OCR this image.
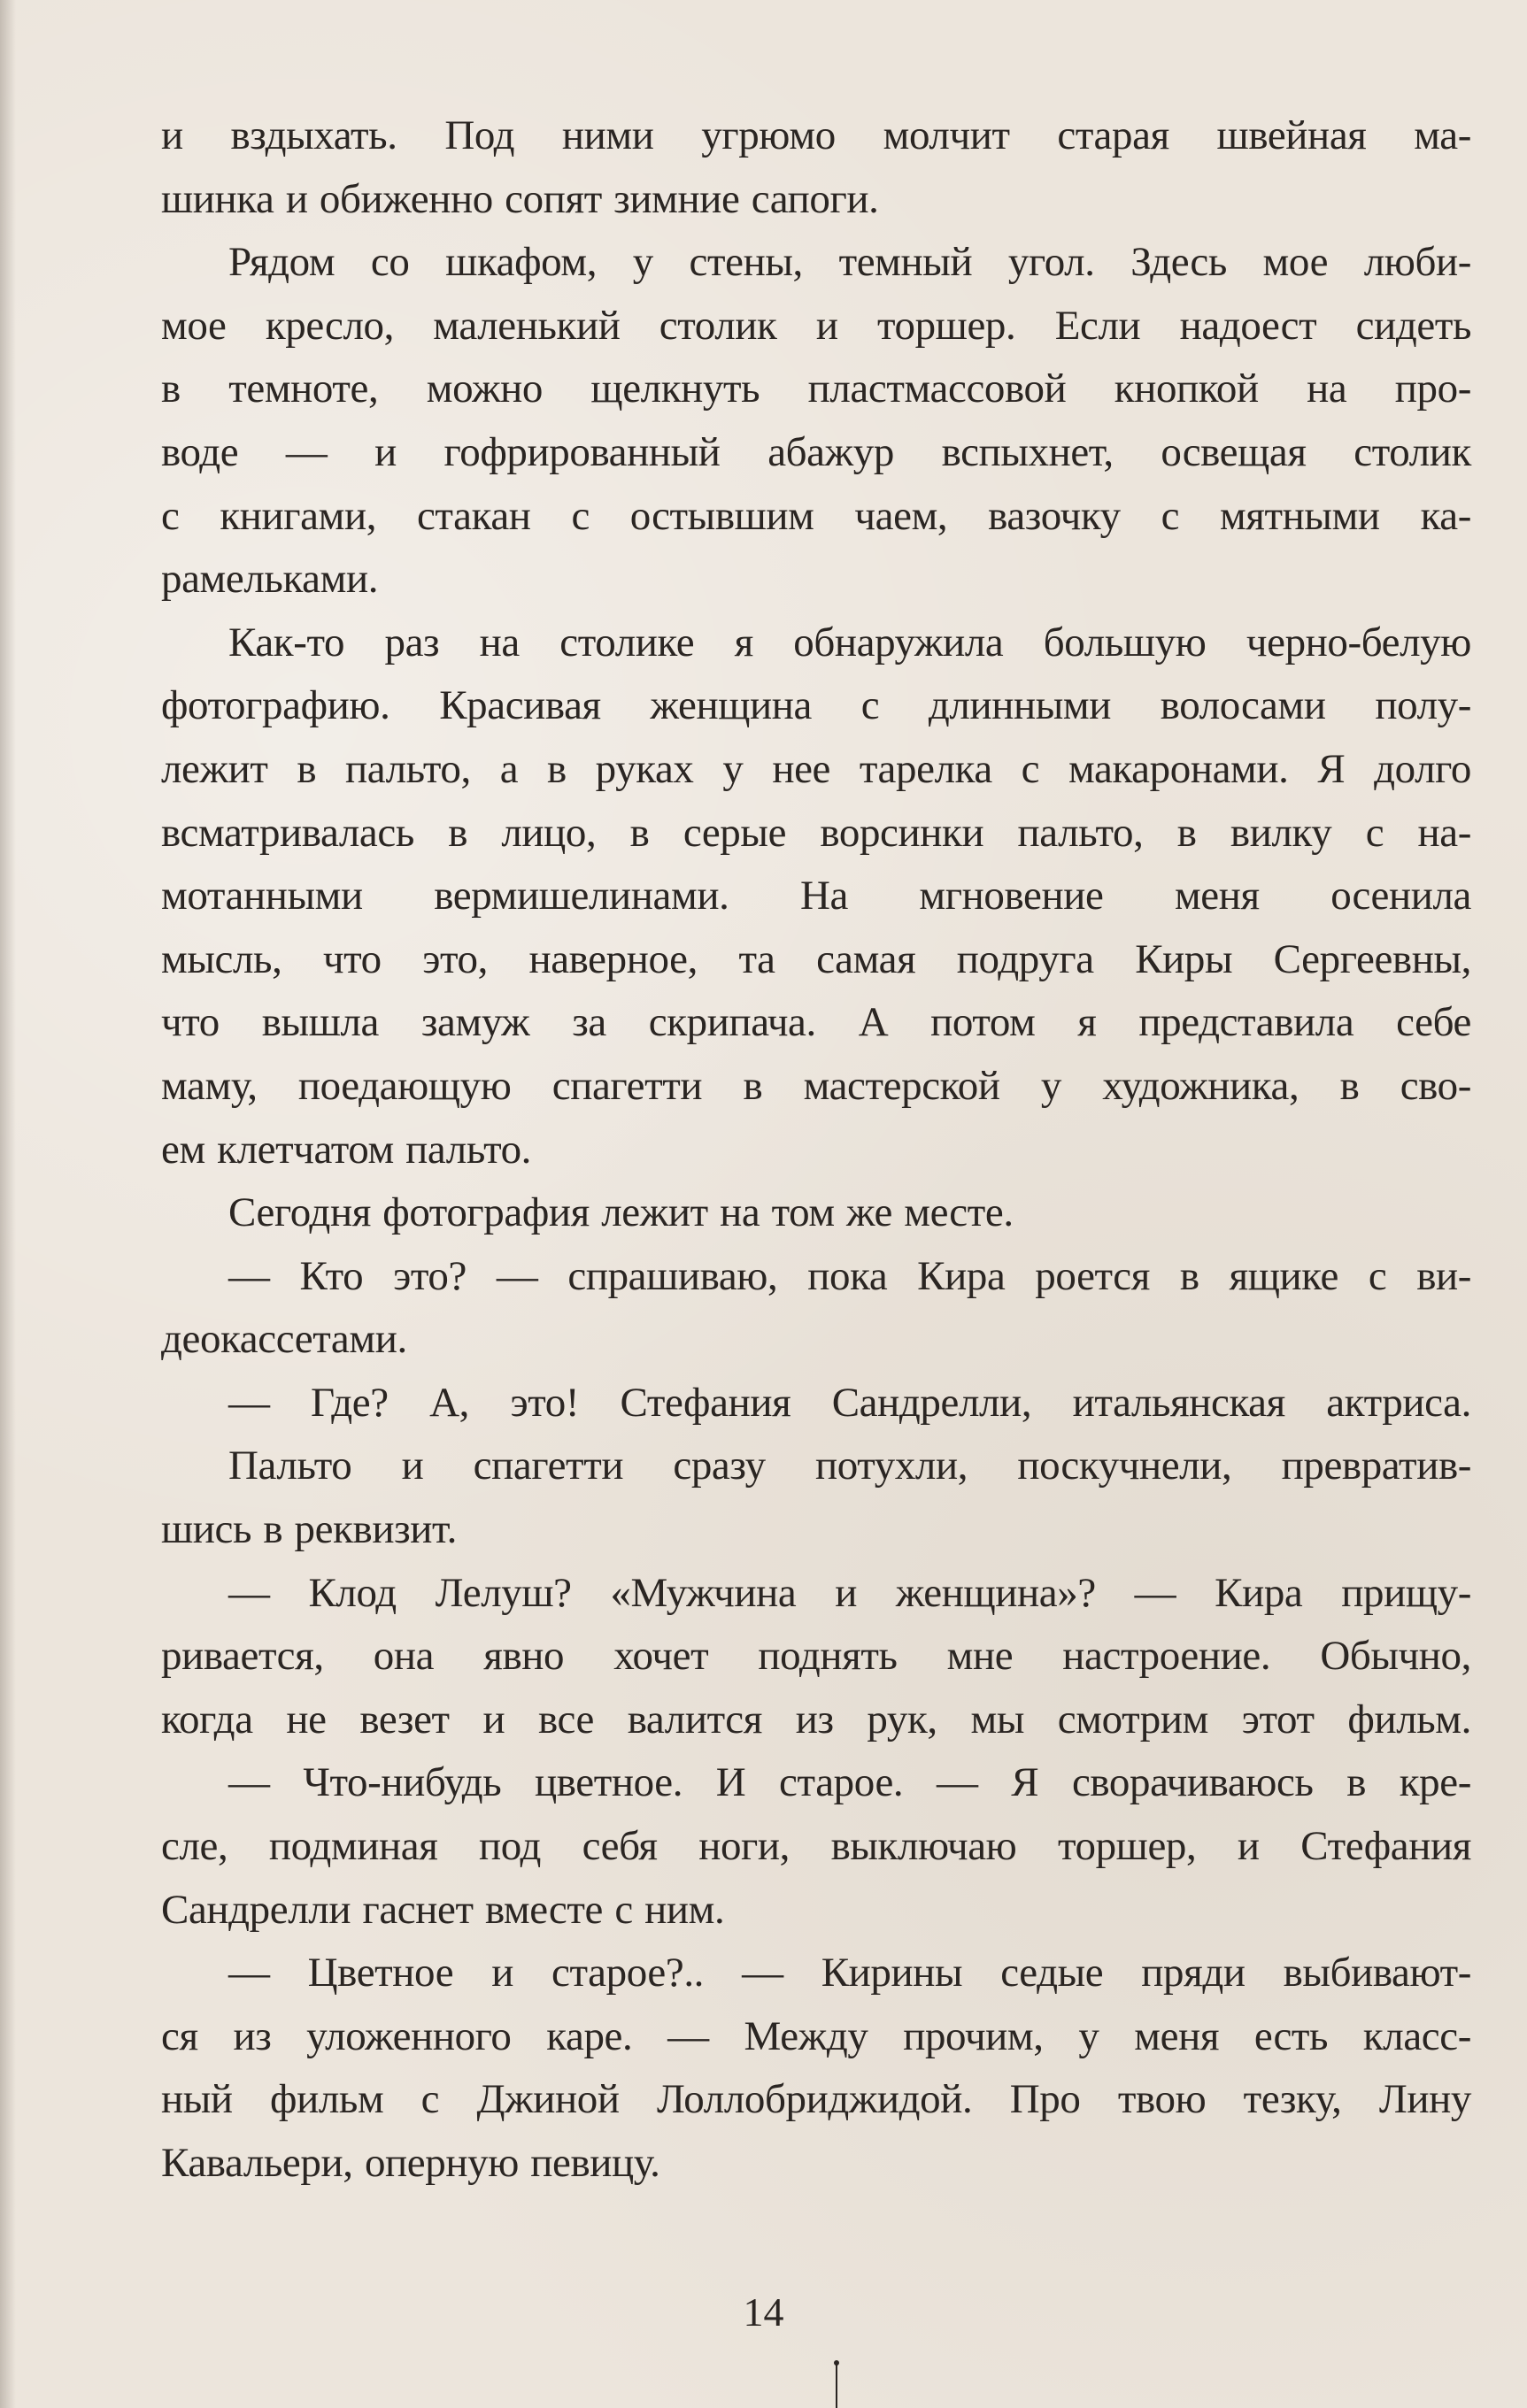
и вздыхать. Под ними угрюмо молчит старая швейная ма-
шинка и обиженно сопят зимние сапоги.
Рядом со шкафом, у стены, темный угол. Здесь мое люби-
мое кресло, маленький столик и торшер. Если надоест сидеть
в темноте, можно щелкнуть пластмассовой кнопкой на про-
воде — и гофрированный абажур вспыхнет, освещая столик
с книгами, стакан с остывшим чаем, вазочку с мятными ка-
рамельками.
Как-то раз на столике я обнаружила большую черно-белую
фотографию. Красивая женщина с длинными волосами полу-
лежит в пальто, а в руках у нее тарелка с макаронами. Я долго
всматривалась в лицо, в серые ворсинки пальто, в вилку с на-
мотанными вермишелинами. На мгновение меня осенила
мысль, что это, наверное, та самая подруга Киры Сергеевны,
что вышла замуж за скрипача. А потом я представила себе
маму, поедающую спагетти в мастерской у художника, в сво-
ем клетчатом пальто.
Сегодня фотография лежит на том же месте.
— Кто это? — спрашиваю, пока Кира роется в ящике с ви-
деокассетами.
— Где? А, это! Стефания Сандрелли, итальянская актриса.
Пальто и спагетти сразу потухли, поскучнели, превратив-
шись в реквизит.
— Клод Лелуш? «Мужчина и женщина»? — Кира прищу-
ривается, она явно хочет поднять мне настроение. Обычно,
когда не везет и все валится из рук, мы смотрим этот фильм.
— Что-нибудь цветное. И старое. — Я сворачиваюсь в кре-
сле, подминая под себя ноги, выключаю торшер, и Стефания
Сандрелли гаснет вместе с ним.
— Цветное и старое?.. — Кирины седые пряди выбивают-
ся из уложенного каре. — Между прочим, у меня есть класс-
ный фильм с Джиной Лоллобриджидой. Про твою тезку, Лину
Кавальери, оперную певицу.
14
